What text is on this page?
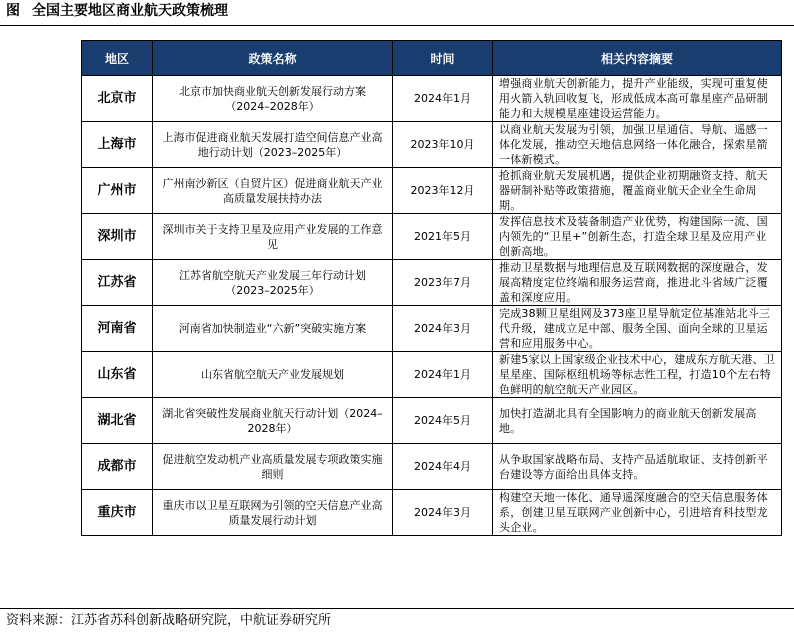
图 全国主要地区商业航天政策梳理
地区	政策名称	时间	相关内容摘要
北京市	北京市加快商业航天创新发展行动方案（2024–2028年）	2024年1月	增强商业航天创新能力，提升产业能级，实现可重复使用火箭入轨回收复飞，形成低成本高可靠星座产品研制能力和大规模星座建设运营能力。
上海市	上海市促进商业航天发展打造空间信息产业高地行动计划（2023–2025年）	2023年10月	以商业航天发展为引领，加强卫星通信、导航、遥感一体化发展，推动空天地信息网络一体化融合，探索星箭一体新模式。
广州市	广州南沙新区（自贸片区）促进商业航天产业高质量发展扶持办法	2023年12月	抢抓商业航天发展机遇，提供企业初期融资支持、航天器研制补贴等政策措施，覆盖商业航天企业全生命周期。
深圳市	深圳市关于支持卫星及应用产业发展的工作意见	2021年5月	发挥信息技术及装备制造产业优势，构建国际一流、国内领先的“卫星+”创新生态，打造全球卫星及应用产业创新高地。
江苏省	江苏省航空航天产业发展三年行动计划（2023–2025年）	2023年7月	推动卫星数据与地理信息及互联网数据的深度融合，发展高精度定位终端和服务运营商，推进北斗省域广泛覆盖和深度应用。
河南省	河南省加快制造业“六新”突破实施方案	2024年3月	完成38颗卫星组网及373座卫星导航定位基准站北斗三代升级，建成立足中部、服务全国、面向全球的卫星运营和应用服务中心。
山东省	山东省航空航天产业发展规划	2024年1月	新建5家以上国家级企业技术中心，建成东方航天港、卫星星座、国际枢纽机场等标志性工程，打造10个左右特色鲜明的航空航天产业园区。
湖北省	湖北省突破性发展商业航天行动计划（2024–2028年）	2024年5月	加快打造湖北具有全国影响力的商业航天创新发展高地。
成都市	促进航空发动机产业高质量发展专项政策实施细则	2024年4月	从争取国家战略布局、支持产品适航取证、支持创新平台建设等方面给出具体支持。
重庆市	重庆市以卫星互联网为引领的空天信息产业高质量发展行动计划	2024年3月	构建空天地一体化、通导遥深度融合的空天信息服务体系，创建卫星互联网产业创新中心，引进培育科技型龙头企业。
资料来源：江苏省苏科创新战略研究院，中航证券研究所
